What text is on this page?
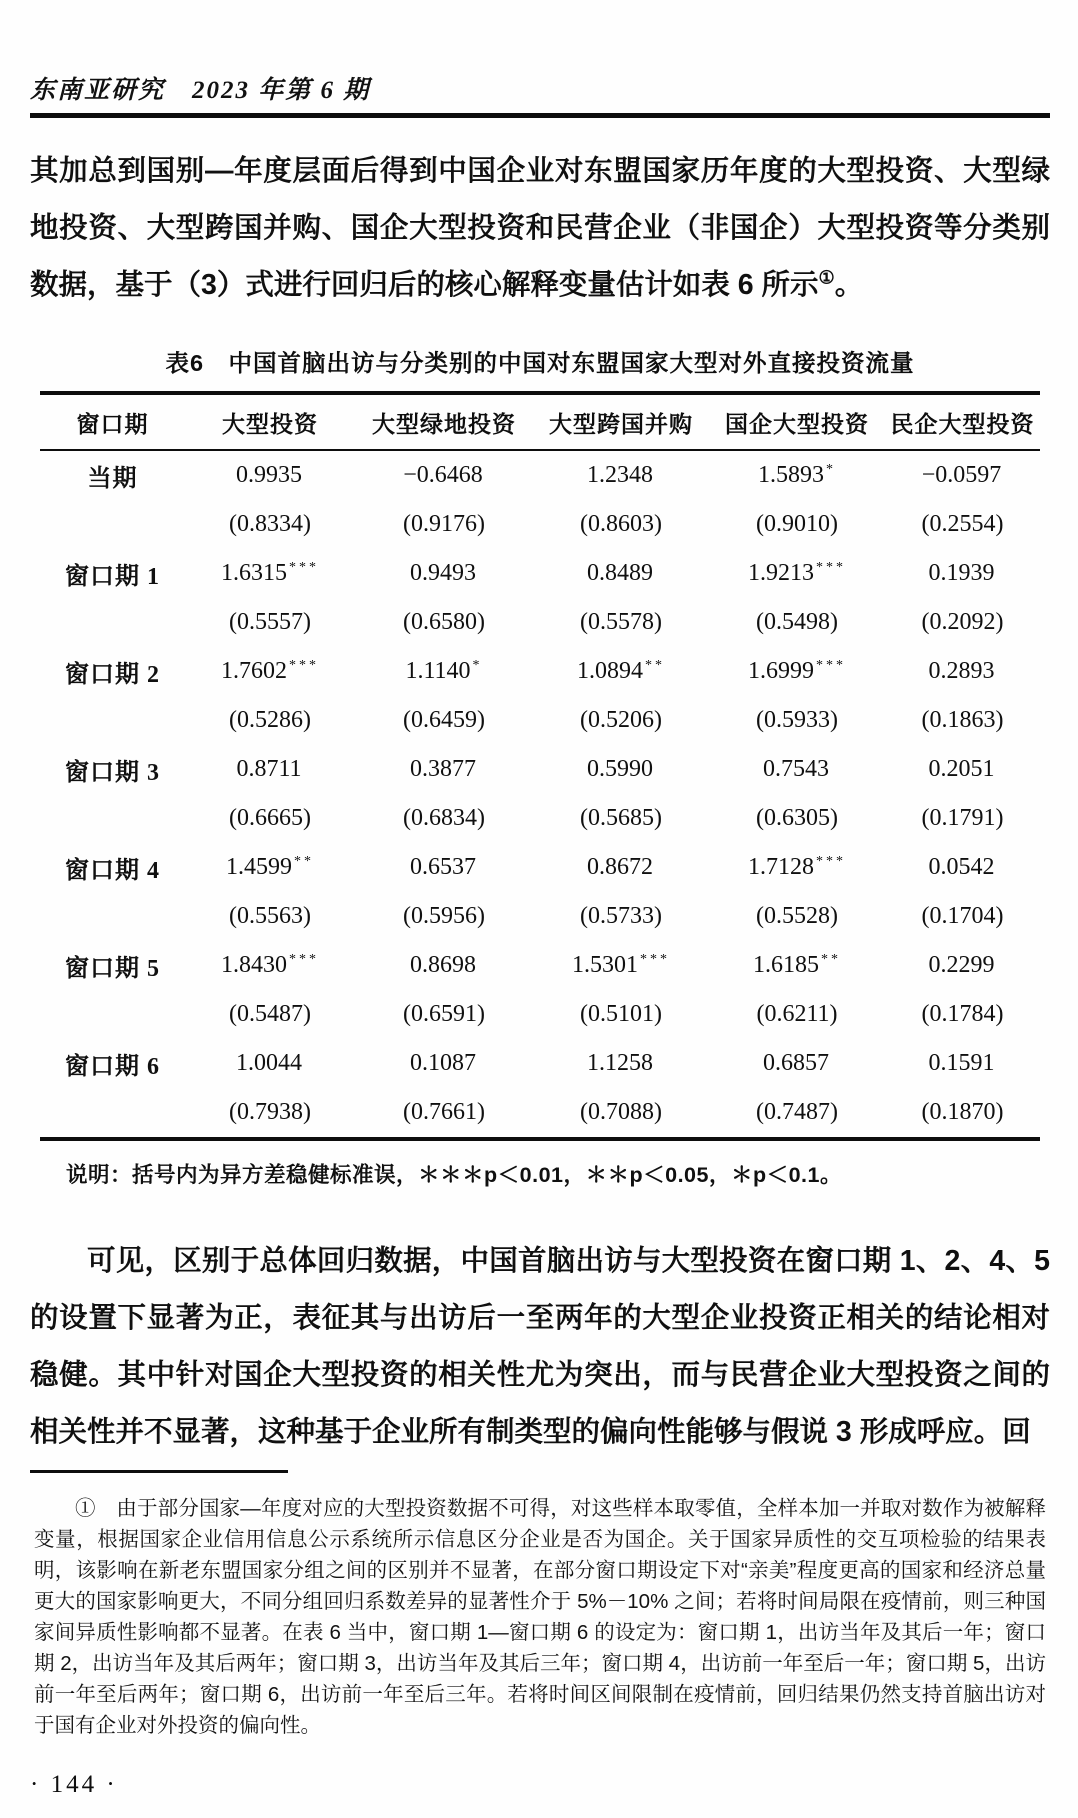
东南亚研究　2023 年第 6 期

其加总到国别—年度层面后得到中国企业对东盟国家历年度的大型投资、大型绿地投资、大型跨国并购、国企大型投资和民营企业（非国企）大型投资等分类别数据，基于（3）式进行回归后的核心解释变量估计如表 6 所示①。

表6　中国首脑出访与分类别的中国对东盟国家大型对外直接投资流量
窗口期	大型投资	大型绿地投资	大型跨国并购	国企大型投资	民企大型投资
当期	0.9935	−0.6468	1.2348	1.5893 *	−0.0597
	(0.8334)	(0.9176)	(0.8603)	(0.9010)	(0.2554)
窗口期 1	1.6315 ***	0.9493	0.8489	1.9213 ***	0.1939
	(0.5557)	(0.6580)	(0.5578)	(0.5498)	(0.2092)
窗口期 2	1.7602 ***	1.1140 *	1.0894 **	1.6999 ***	0.2893
	(0.5286)	(0.6459)	(0.5206)	(0.5933)	(0.1863)
窗口期 3	0.8711	0.3877	0.5990	0.7543	0.2051
	(0.6665)	(0.6834)	(0.5685)	(0.6305)	(0.1791)
窗口期 4	1.4599 **	0.6537	0.8672	1.7128 ***	0.0542
	(0.5563)	(0.5956)	(0.5733)	(0.5528)	(0.1704)
窗口期 5	1.8430 ***	0.8698	1.5301 ***	1.6185 **	0.2299
	(0.5487)	(0.6591)	(0.5101)	(0.6211)	(0.1784)
窗口期 6	1.0044	0.1087	1.1258	0.6857	0.1591
	(0.7938)	(0.7661)	(0.7088)	(0.7487)	(0.1870)

说明：括号内为异方差稳健标准误，＊＊＊p＜0.01，＊＊p＜0.05，＊p＜0.1。

可见，区别于总体回归数据，中国首脑出访与大型投资在窗口期 1、2、4、5 的设置下显著为正，表征其与出访后一至两年的大型企业投资正相关的结论相对稳健。其中针对国企大型投资的相关性尤为突出，而与民营企业大型投资之间的相关性并不显著，这种基于企业所有制类型的偏向性能够与假说 3 形成呼应。回

①　由于部分国家—年度对应的大型投资数据不可得，对这些样本取零值，全样本加一并取对数作为被解释变量，根据国家企业信用信息公示系统所示信息区分企业是否为国企。关于国家异质性的交互项检验的结果表明，该影响在新老东盟国家分组之间的区别并不显著，在部分窗口期设定下对“亲美”程度更高的国家和经济总量更大的国家影响更大，不同分组回归系数差异的显著性介于 5%－10% 之间；若将时间局限在疫情前，则三种国家间异质性影响都不显著。在表 6 当中，窗口期 1—窗口期 6 的设定为：窗口期 1，出访当年及其后一年；窗口期 2，出访当年及其后两年；窗口期 3，出访当年及其后三年；窗口期 4，出访前一年至后一年；窗口期 5，出访前一年至后两年；窗口期 6，出访前一年至后三年。若将时间区间限制在疫情前，回归结果仍然支持首脑出访对于国有企业对外投资的偏向性。

· 144 ·
